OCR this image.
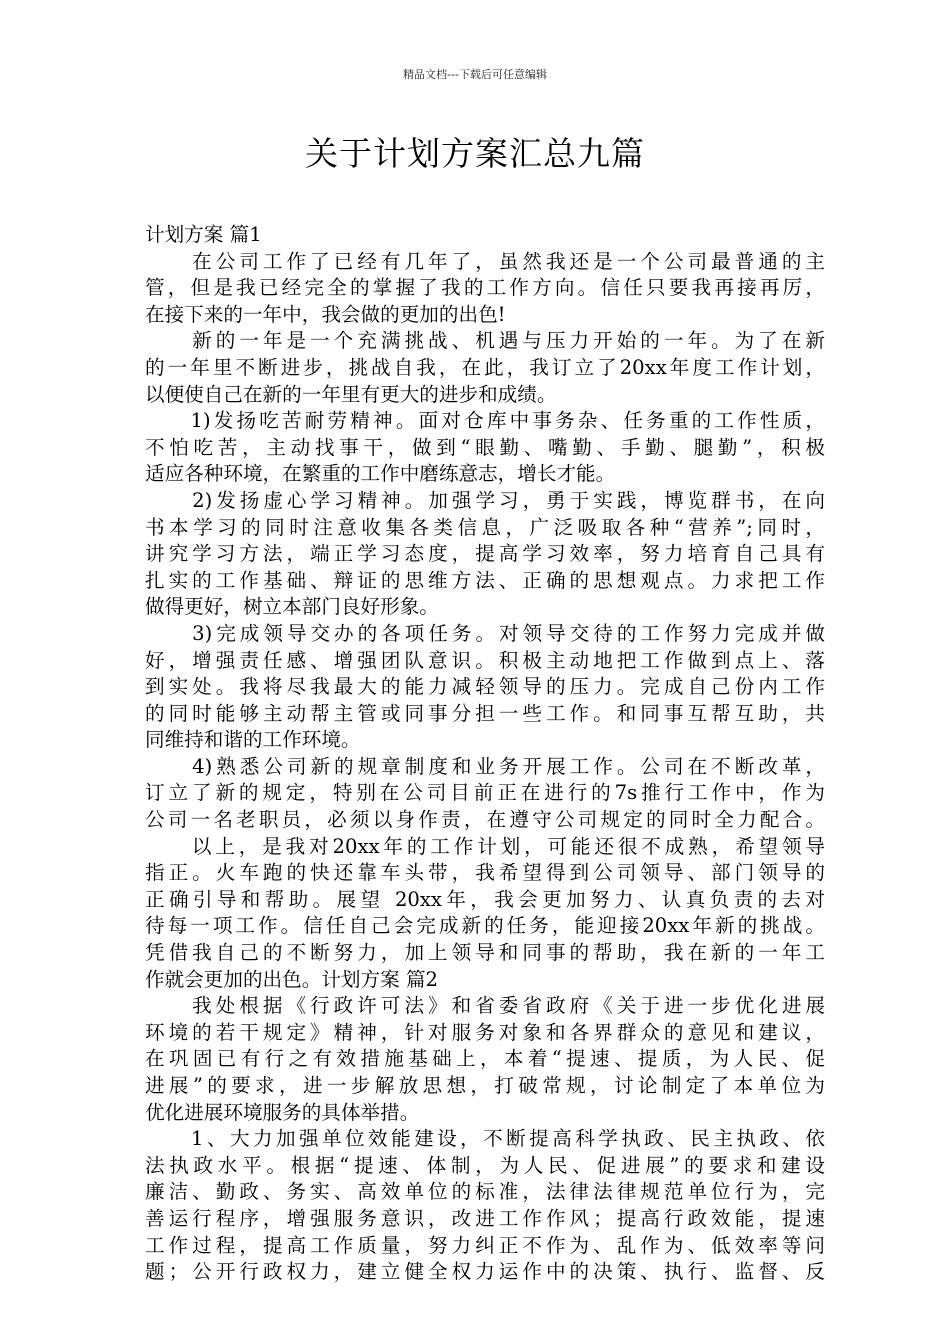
精品文档---下载后可任意编辑
关于计划方案汇总九篇
计划方案 篇1
　　在公司工作了已经有几年了，虽然我还是一个公司最普通的主
管，但是我已经完全的掌握了我的工作方向。信任只要我再接再厉，
在接下来的一年中，我会做的更加的出色!
　　新的一年是一个充满挑战、机遇与压力开始的一年。为了在新
的一年里不断进步，挑战自我，在此，我订立了20xx年度工作计划，
以便使自己在新的一年里有更大的进步和成绩。
　　1)发扬吃苦耐劳精神。面对仓库中事务杂、任务重的工作性质，
不怕吃苦，主动找事干，做到“眼勤、嘴勤、手勤、腿勤”，积极
适应各种环境，在繁重的工作中磨练意志，增长才能。
　　2)发扬虚心学习精神。加强学习，勇于实践，博览群书，在向
书本学习的同时注意收集各类信息，广泛吸取各种“营养”;同时，
讲究学习方法，端正学习态度，提高学习效率，努力培育自己具有
扎实的工作基础、辩证的思维方法、正确的思想观点。力求把工作
做得更好，树立本部门良好形象。
　　3)完成领导交办的各项任务。对领导交待的工作努力完成并做
好，增强责任感、增强团队意识。积极主动地把工作做到点上、落
到实处。我将尽我最大的能力减轻领导的压力。完成自己份内工作
的同时能够主动帮主管或同事分担一些工作。和同事互帮互助，共
同维持和谐的工作环境。
　　4)熟悉公司新的规章制度和业务开展工作。公司在不断改革，
订立了新的规定，特别在公司目前正在进行的7s推行工作中，作为
公司一名老职员，必须以身作责，在遵守公司规定的同时全力配合。
　　以上，是我对20xx年的工作计划，可能还很不成熟，希望领导
指正。火车跑的快还靠车头带，我希望得到公司领导、部门领导的
正确引导和帮助。展望 20xx年，我会更加努力、认真负责的去对
待每一项工作。信任自己会完成新的任务，能迎接20xx年新的挑战。
凭借我自己的不断努力，加上领导和同事的帮助，我在新的一年工
作就会更加的出色。计划方案 篇2
　　我处根据《行政许可法》和省委省政府《关于进一步优化进展
环境的若干规定》精神，针对服务对象和各界群众的意见和建议，
在巩固已有行之有效措施基础上，本着“提速、提质，为人民、促
进展”的要求，进一步解放思想，打破常规，讨论制定了本单位为
优化进展环境服务的具体举措。
　　1、大力加强单位效能建设，不断提高科学执政、民主执政、依
法执政水平。根据“提速、体制，为人民、促进展”的要求和建设
廉洁、勤政、务实、高效单位的标准，法律法律规范单位行为，完
善运行程序，增强服务意识，改进工作作风；提高行政效能，提速
工作过程，提高工作质量，努力纠正不作为、乱作为、低效率等问
题；公开行政权力，建立健全权力运作中的决策、执行、监督、反
